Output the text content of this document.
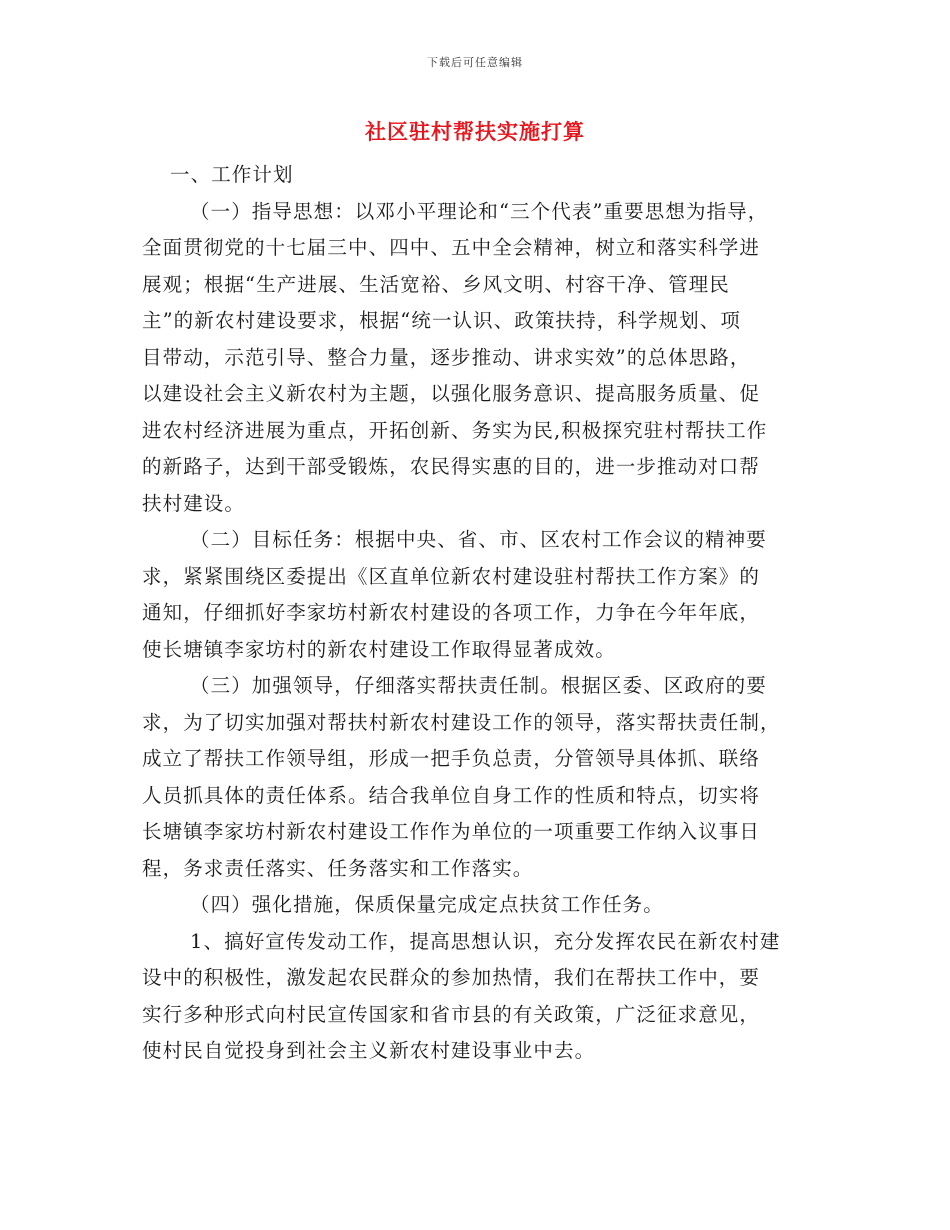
下载后可任意编辑
社区驻村帮扶实施打算
一、工作计划
（一）指导思想：以邓小平理论和“三个代表”重要思想为指导，
全面贯彻党的十七届三中、四中、五中全会精神，树立和落实科学进
展观；根据“生产进展、生活宽裕、乡风文明、村容干净、管理民
主”的新农村建设要求，根据“统一认识、政策扶持，科学规划、项
目带动，示范引导、整合力量，逐步推动、讲求实效”的总体思路，
以建设社会主义新农村为主题，以强化服务意识、提高服务质量、促
进农村经济进展为重点，开拓创新、务实为民,积极探究驻村帮扶工作
的新路子，达到干部受锻炼，农民得实惠的目的，进一步推动对口帮
扶村建设。
（二）目标任务：根据中央、省、市、区农村工作会议的精神要
求，紧紧围绕区委提出《区直单位新农村建设驻村帮扶工作方案》的
通知，仔细抓好李家坊村新农村建设的各项工作，力争在今年年底，
使长塘镇李家坊村的新农村建设工作取得显著成效。
（三）加强领导，仔细落实帮扶责任制。根据区委、区政府的要
求，为了切实加强对帮扶村新农村建设工作的领导，落实帮扶责任制，
成立了帮扶工作领导组，形成一把手负总责，分管领导具体抓、联络
人员抓具体的责任体系。结合我单位自身工作的性质和特点，切实将
长塘镇李家坊村新农村建设工作作为单位的一项重要工作纳入议事日
程，务求责任落实、任务落实和工作落实。
（四）强化措施，保质保量完成定点扶贫工作任务。
1、搞好宣传发动工作，提高思想认识，充分发挥农民在新农村建
设中的积极性，激发起农民群众的参加热情，我们在帮扶工作中，要
实行多种形式向村民宣传国家和省市县的有关政策，广泛征求意见，
使村民自觉投身到社会主义新农村建设事业中去。
